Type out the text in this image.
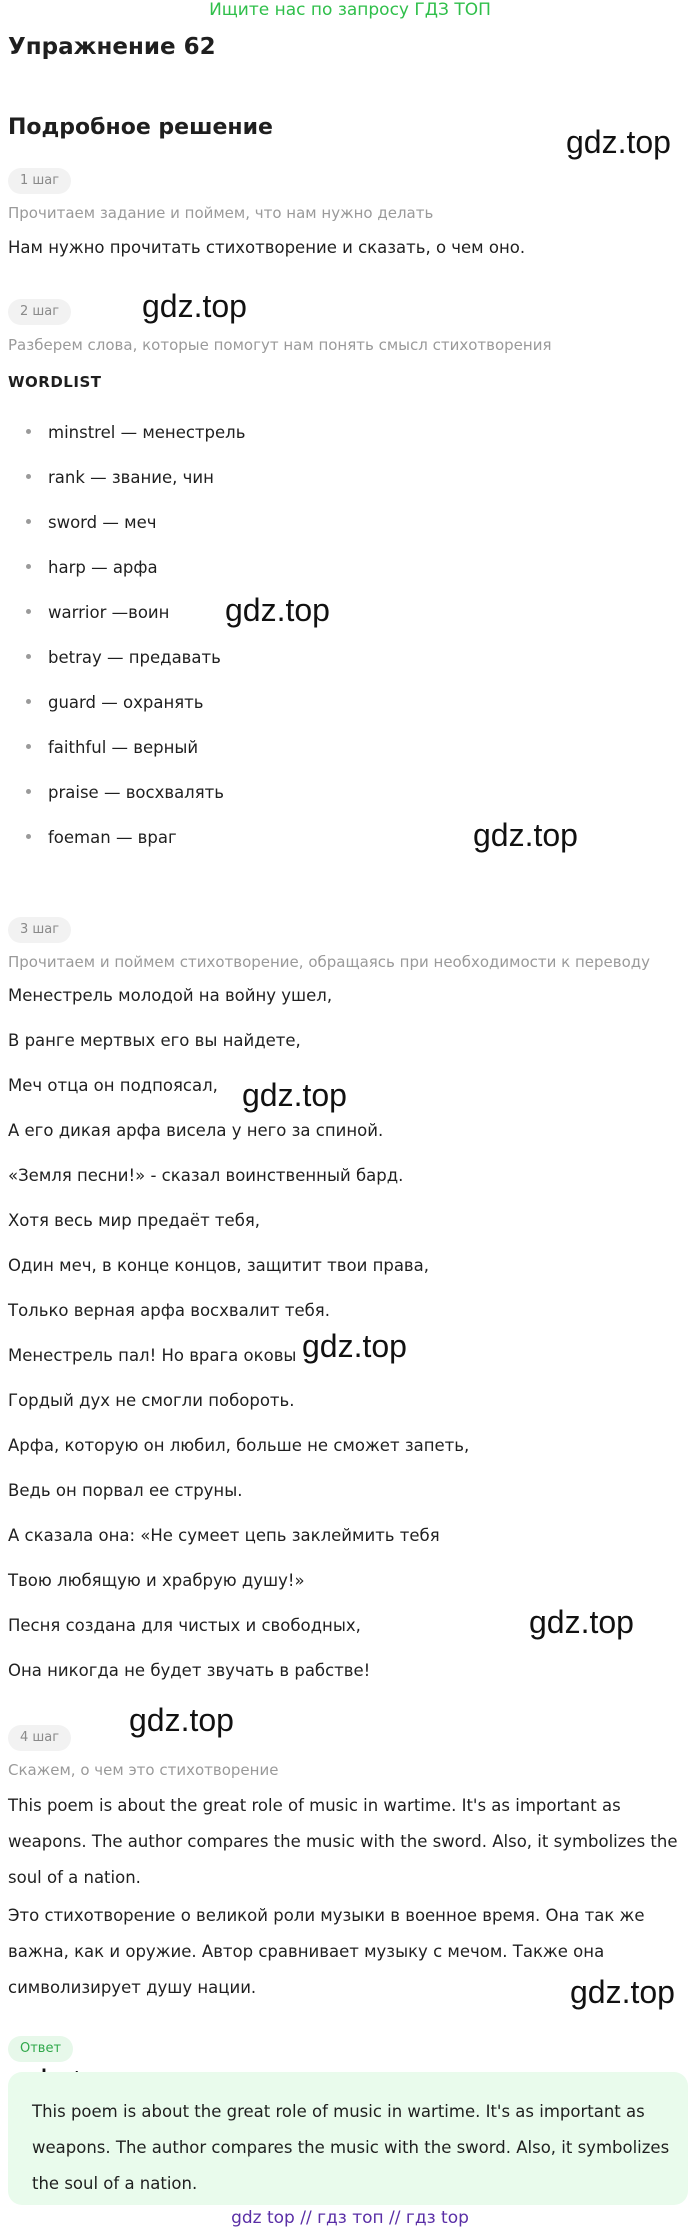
Ищите нас по запросу ГДЗ ТОП
Упражнение 62
Подробное решение	gdz.top
gdz.top
gdz.top
gdz.top
gdz.top
gdz.top
gdz.top
gdz.top
gdz.top
1 шаг
Прочитаем задание и поймем, что нам нужно делать
Нам нужно прочитать стихотворение и сказать, о чем оно.
2 шаг
Разберем слова, которые помогут нам понять смысл стихотворения
WORDLIST
minstrel — менестрель
rank — звание, чин
sword — меч
harp — арфа
warrior —воин
betray — предавать
guard — охранять
faithful — верный
praise — восхвалять
foeman — враг
3 шаг
Прочитаем и поймем стихотворение, обращаясь при необходимости к переводу
Менестрель молодой на войну ушел,
В ранге мертвых его вы найдете,
Меч отца он подпоясал,
А его дикая арфа висела у него за спиной.
«Земля песни!» - сказал воинственный бард.
Хотя весь мир предаёт тебя,
Один меч, в конце концов, защитит твои права,
Только верная арфа восхвалит тебя.
Менестрель пал! Но врага оковы
Гордый дух не смогли побороть.
Арфа, которую он любил, больше не сможет запеть,
Ведь он порвал ее струны.
А сказала она: «Не сумеет цепь заклеймить тебя
Твою любящую и храбрую душу!»
Песня создана для чистых и свободных,
Она никогда не будет звучать в рабстве!
4 шаг
Скажем, о чем это стихотворение
This poem is about the great role of music in wartime. It's as important as weapons. The author compares the music with the sword. Also, it symbolizes the soul of a nation.
Это стихотворение о великой роли музыки в военное время. Она так же важна, как и оружие. Автор сравнивает музыку с мечом. Также она символизирует душу нации.
Ответ
This poem is about the great role of music in wartime. It's as important as weapons. The author compares the music with the sword. Also, it symbolizes the soul of a nation.
gdz top // гдз топ // гдз top
